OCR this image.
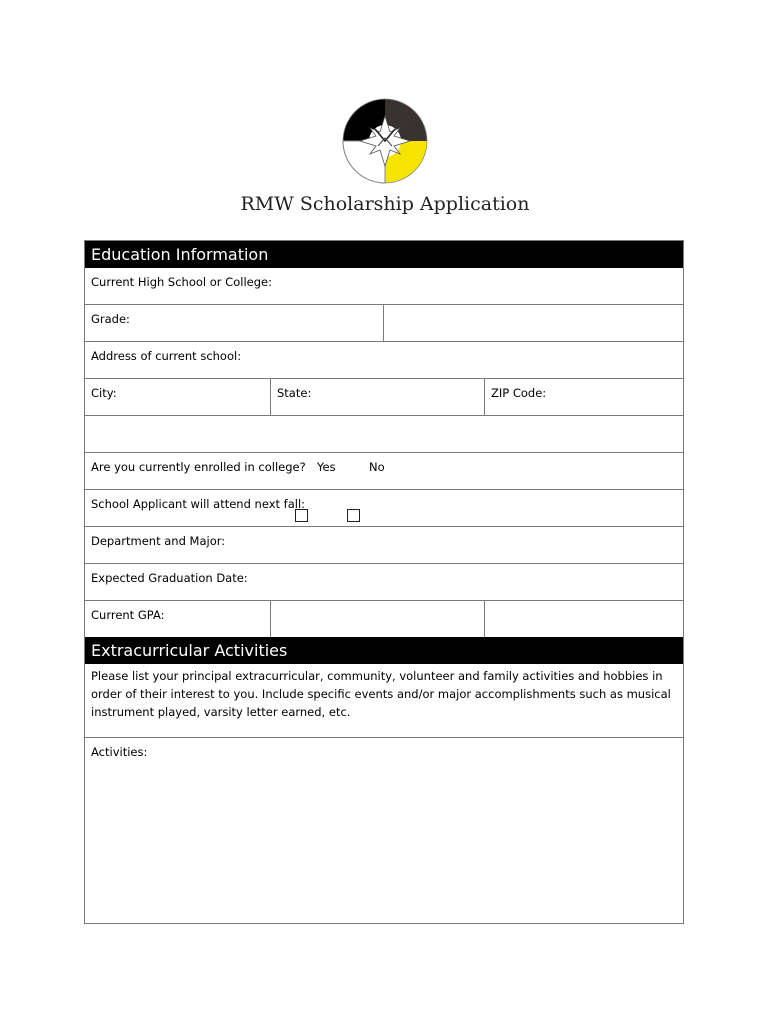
RMW Scholarship Application
Education Information
Current High School or College:
Grade:
Address of current school:
City:	State:	ZIP Code:
Are you currently enrolled in college? Yes	No
School Applicant will attend next fall:
Department and Major:
Expected Graduation Date:
Current GPA:
Extracurricular Activities
Please list your principal extracurricular, community, volunteer and family activities and hobbies in order of their interest to you. Include specific events and/or major accomplishments such as musical instrument played, varsity letter earned, etc.
Activities:
